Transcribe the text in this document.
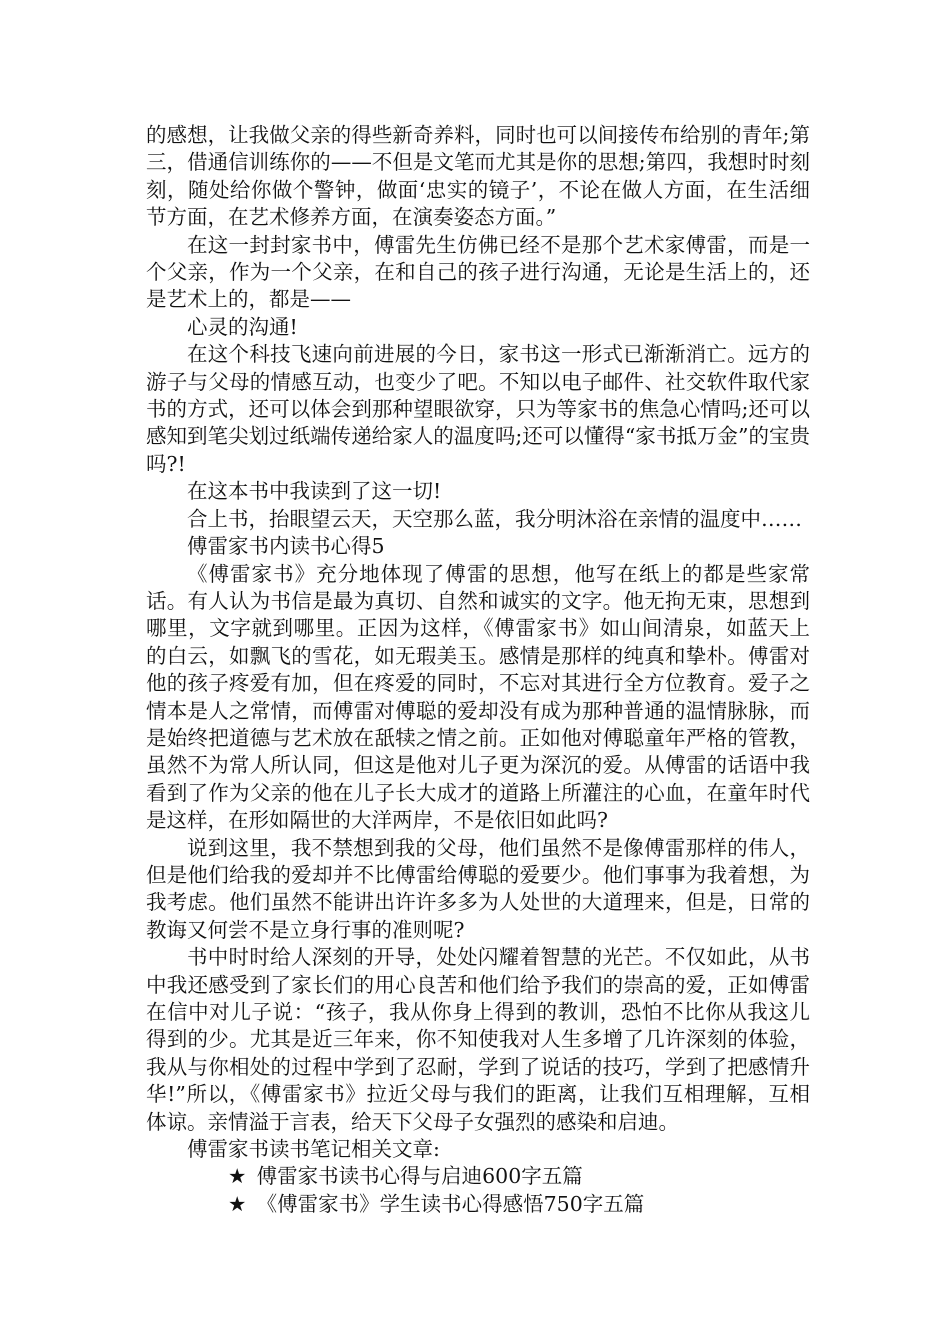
的感想，让我做父亲的得些新奇养料，同时也可以间接传布给别的青年;第三，借通信训练你的——不但是文笔而尤其是你的思想;第四，我想时时刻刻，随处给你做个警钟，做面‘忠实的镜子’，不论在做人方面，在生活细节方面，在艺术修养方面，在演奏姿态方面。”

在这一封封家书中，傅雷先生仿佛已经不是那个艺术家傅雷，而是一个父亲，作为一个父亲，在和自己的孩子进行沟通，无论是生活上的，还是艺术上的，都是——

心灵的沟通!

在这个科技飞速向前进展的今日，家书这一形式已渐渐消亡。远方的游子与父母的情感互动，也变少了吧。不知以电子邮件、社交软件取代家书的方式，还可以体会到那种望眼欲穿，只为等家书的焦急心情吗;还可以感知到笔尖划过纸端传递给家人的温度吗;还可以懂得“家书抵万金”的宝贵吗?!

在这本书中我读到了这一切!

合上书，抬眼望云天，天空那么蓝，我分明沐浴在亲情的温度中……

傅雷家书内读书心得5

《傅雷家书》充分地体现了傅雷的思想，他写在纸上的都是些家常话。有人认为书信是最为真切、自然和诚实的文字。他无拘无束，思想到哪里，文字就到哪里。正因为这样，《傅雷家书》如山间清泉，如蓝天上的白云，如飘飞的雪花，如无瑕美玉。感情是那样的纯真和挚朴。傅雷对他的孩子疼爱有加，但在疼爱的同时，不忘对其进行全方位教育。爱子之情本是人之常情，而傅雷对傅聪的爱却没有成为那种普通的温情脉脉，而是始终把道德与艺术放在舐犊之情之前。正如他对傅聪童年严格的管教，虽然不为常人所认同，但这是他对儿子更为深沉的爱。从傅雷的话语中我看到了作为父亲的他在儿子长大成才的道路上所灌注的心血，在童年时代是这样，在形如隔世的大洋两岸，不是依旧如此吗?

说到这里，我不禁想到我的父母，他们虽然不是像傅雷那样的伟人，但是他们给我的爱却并不比傅雷给傅聪的爱要少。他们事事为我着想，为我考虑。他们虽然不能讲出许许多多为人处世的大道理来，但是，日常的教诲又何尝不是立身行事的准则呢?

书中时时给人深刻的开导，处处闪耀着智慧的光芒。不仅如此，从书中我还感受到了家长们的用心良苦和他们给予我们的崇高的爱，正如傅雷在信中对儿子说：“孩子，我从你身上得到的教训，恐怕不比你从我这儿得到的少。尤其是近三年来，你不知使我对人生多增了几许深刻的体验，我从与你相处的过程中学到了忍耐，学到了说话的技巧，学到了把感情升华!”所以，《傅雷家书》拉近父母与我们的距离，让我们互相理解，互相体谅。亲情溢于言表，给天下父母子女强烈的感染和启迪。

傅雷家书读书笔记相关文章:

★ 傅雷家书读书心得与启迪600字五篇

★ 《傅雷家书》学生读书心得感悟750字五篇
